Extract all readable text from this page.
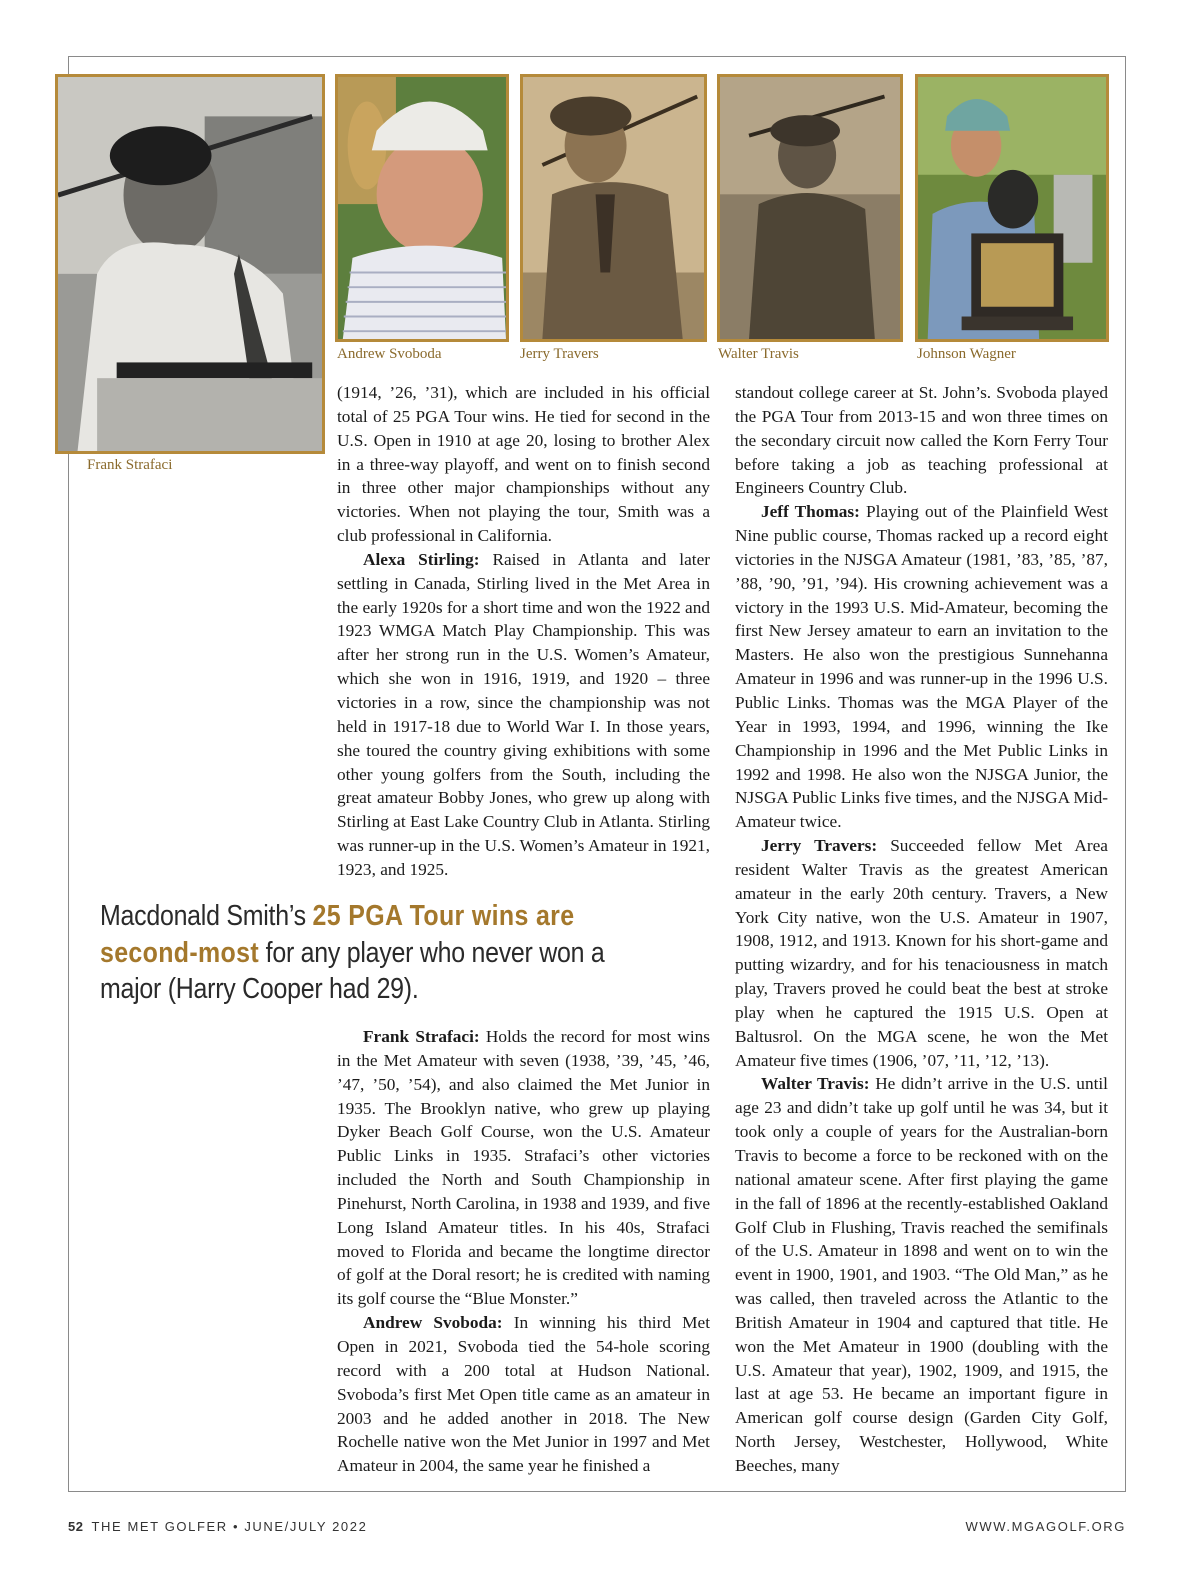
Frank Strafaci
Andrew Svoboda	Jerry Travers	Walter Travis	Johnson Wagner

(1914, ’26, ’31), which are included in his official total of 25 PGA Tour wins. He tied for second in the U.S. Open in 1910 at age 20, losing to brother Alex in a three-way playoff, and went on to finish second in three other major championships without any victories. When not playing the tour, Smith was a club professional in California.

Alexa Stirling: Raised in Atlanta and later settling in Canada, Stirling lived in the Met Area in the early 1920s for a short time and won the 1922 and 1923 WMGA Match Play Championship. This was after her strong run in the U.S. Women’s Amateur, which she won in 1916, 1919, and 1920 – three victories in a row, since the championship was not held in 1917-18 due to World War I. In those years, she toured the country giving exhibitions with some other young golfers from the South, including the great amateur Bobby Jones, who grew up along with Stirling at East Lake Country Club in Atlanta. Stirling was runner-up in the U.S. Women’s Amateur in 1921, 1923, and 1925.

Macdonald Smith’s 25 PGA Tour wins are second-most for any player who never won a major (Harry Cooper had 29).

Frank Strafaci: Holds the record for most wins in the Met Amateur with seven (1938, ’39, ’45, ’46, ’47, ’50, ’54), and also claimed the Met Junior in 1935. The Brooklyn native, who grew up playing Dyker Beach Golf Course, won the U.S. Amateur Public Links in 1935. Strafaci’s other victories included the North and South Championship in Pinehurst, North Carolina, in 1938 and 1939, and five Long Island Amateur titles. In his 40s, Strafaci moved to Florida and became the longtime director of golf at the Doral resort; he is credited with naming its golf course the “Blue Monster.”

Andrew Svoboda: In winning his third Met Open in 2021, Svoboda tied the 54-hole scoring record with a 200 total at Hudson National. Svoboda’s first Met Open title came as an amateur in 2003 and he added another in 2018. The New Rochelle native won the Met Junior in 1997 and Met Amateur in 2004, the same year he finished a

standout college career at St. John’s. Svoboda played the PGA Tour from 2013-15 and won three times on the secondary circuit now called the Korn Ferry Tour before taking a job as teaching professional at Engineers Country Club.

Jeff Thomas: Playing out of the Plainfield West Nine public course, Thomas racked up a record eight victories in the NJSGA Amateur (1981, ’83, ’85, ’87, ’88, ’90, ’91, ’94). His crowning achievement was a victory in the 1993 U.S. Mid-Amateur, becoming the first New Jersey amateur to earn an invitation to the Masters. He also won the prestigious Sunnehanna Amateur in 1996 and was runner-up in the 1996 U.S. Public Links. Thomas was the MGA Player of the Year in 1993, 1994, and 1996, winning the Ike Championship in 1996 and the Met Public Links in 1992 and 1998. He also won the NJSGA Junior, the NJSGA Public Links five times, and the NJSGA Mid-Amateur twice.

Jerry Travers: Succeeded fellow Met Area resident Walter Travis as the greatest American amateur in the early 20th century. Travers, a New York City native, won the U.S. Amateur in 1907, 1908, 1912, and 1913. Known for his short-game and putting wizardry, and for his tenaciousness in match play, Travers proved he could beat the best at stroke play when he captured the 1915 U.S. Open at Baltusrol. On the MGA scene, he won the Met Amateur five times (1906, ’07, ’11, ’12, ’13).

Walter Travis: He didn’t arrive in the U.S. until age 23 and didn’t take up golf until he was 34, but it took only a couple of years for the Australian-born Travis to become a force to be reckoned with on the national amateur scene. After first playing the game in the fall of 1896 at the recently-established Oakland Golf Club in Flushing, Travis reached the semifinals of the U.S. Amateur in 1898 and went on to win the event in 1900, 1901, and 1903. “The Old Man,” as he was called, then traveled across the Atlantic to the British Amateur in 1904 and captured that title. He won the Met Amateur in 1900 (doubling with the U.S. Amateur that year), 1902, 1909, and 1915, the last at age 53. He became an important figure in American golf course design (Garden City Golf, North Jersey, Westchester, Hollywood, White Beeches, many

52 THE MET GOLFER • JUNE/JULY 2022	WWW.MGAGOLF.ORG
